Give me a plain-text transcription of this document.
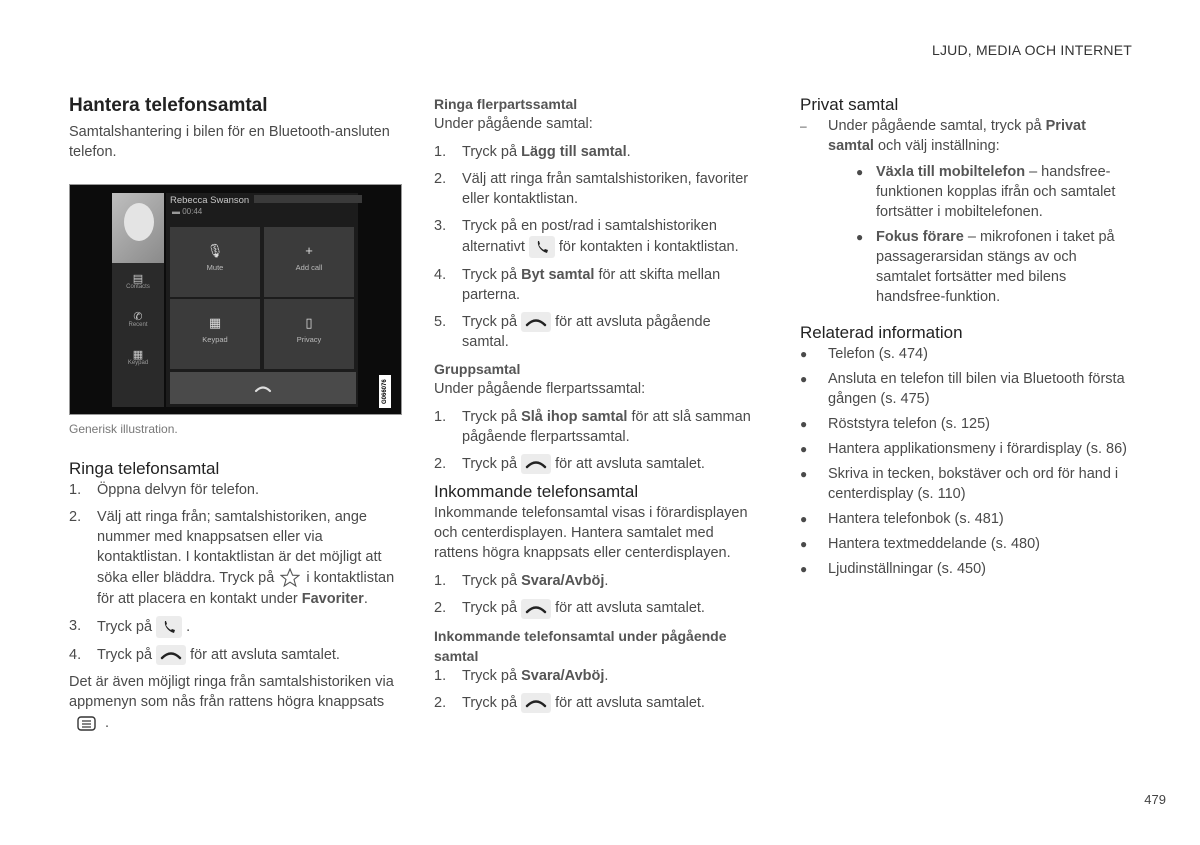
LJUD, MEDIA OCH INTERNET
Hantera telefonsamtal

Samtalshantering i bilen för en Bluetooth-ansluten telefon.

Rebecca Swanson
▬ 00:44
▤
Contacts
✆
Recent
▦
Keypad
🎙
Mute
+
Add call
▦
Keypad
▯
Privacy
G066076

Generisk illustration.

Ringa telefonsamtal
1.	Öppna delvyn för telefon.
2.	Välj att ringa från; samtalshistoriken, ange nummer med knappsatsen eller via kontaktlistan. I kontaktlistan är det möjligt att söka eller bläddra. Tryck på i kontaktlistan för att placera en kontakt under Favoriter.
3.	Tryck på .
4.	Tryck på	för att avsluta samtalet.

Det är även möjligt ringa från samtalshistoriken via appmenyn som nås från rattens högra knappsats
.

Ringa flerpartssamtal

Under pågående samtal:

1.	Tryck på Lägg till samtal.
2.	Välj att ringa från samtalshistoriken, favoriter eller kontaktlistan.
3.	Tryck på en post/rad i samtalshistoriken alternativt för kontakten i kontaktlistan.
4.	Tryck på Byt samtal för att skifta mellan parterna.
5.	Tryck på	för att avsluta pågående samtal.
Gruppsamtal

Under pågående flerpartssamtal:

1.	Tryck på Slå ihop samtal för att slå samman pågående flerpartssamtal.
2.	Tryck på	för att avsluta samtalet.
Inkommande telefonsamtal

Inkommande telefonsamtal visas i förardisplayen och centerdisplayen. Hantera samtalet med rattens högra knappsats eller centerdisplayen.

1.	Tryck på Svara/Avböj.
2.	Tryck på	för att avsluta samtalet.
Inkommande telefonsamtal under pågående samtal
1.	Tryck på Svara/Avböj.
2.	Tryck på	för att avsluta samtalet.
Privat samtal
–	Under pågående samtal, tryck på Privat samtal och välj inställning:
● Växla till mobiltelefon – handsfree-funktionen kopplas ifrån och samtalet fortsätter i mobiltelefonen.
● Fokus förare – mikrofonen i taket på passagerarsidan stängs av och samtalet fortsätter med bilens handsfree-funktion.
Relaterad information
●	Telefon (s. 474)
●	Ansluta en telefon till bilen via Bluetooth första gången (s. 475)
●	Röststyra telefon (s. 125)
●	Hantera applikationsmeny i förardisplay (s. 86)
●	Skriva in tecken, bokstäver och ord för hand i centerdisplay (s. 110)
●	Hantera telefonbok (s. 481)
●	Hantera textmeddelande (s. 480)
●	Ljudinställningar (s. 450)
479
